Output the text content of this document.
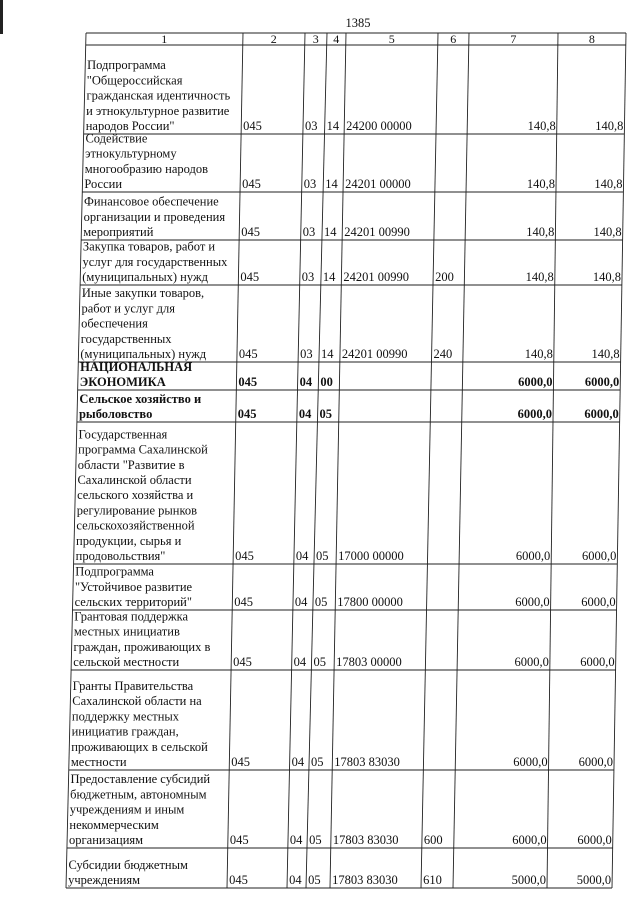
1385
1	2	3 4	5	6	7	8
Подпрограмма "Общероссийская гражданская идентичность и этнокультурное развитие народов России"	045	03 14 24200 00000	140,8	140,8
Содействие этнокультурному многообразию народов России	045	03 14 24201 00000	140,8	140,8
Финансовое обеспечение организации и проведения мероприятий	045	03 14 24201 00990	140,8	140,8
Закупка товаров, работ и услуг для государственных (муниципальных) нужд	045	03 14 24201 00990 200	140,8	140,8
Иные закупки товаров, работ и услуг для обеспечения государственных (муниципальных) нужд	045	03 14 24201 00990 240	140,8	140,8
НАЦИОНАЛЬНАЯ ЭКОНОМИКА	045	04 00	6000,0	6000,0
Сельское хозяйство и рыболовство	045	04 05	6000,0	6000,0
Государственная программа Сахалинской области "Развитие в Сахалинской области сельского хозяйства и регулирование рынков сельскохозяйственной продукции, сырья и продовольствия"	045	04 05 17000 00000	6000,0	6000,0
Подпрограмма "Устойчивое развитие сельских территорий"	045	04 05 17800 00000	6000,0	6000,0
Грантовая поддержка местных инициатив граждан, проживающих в сельской местности	045	04 05 17803 00000	6000,0	6000,0
Гранты Правительства Сахалинской области на поддержку местных инициатив граждан, проживающих в сельской местности	045	04 05 17803 83030	6000,0 6000,0
Предоставление субсидий бюджетным, автономным учреждениям и иным некоммерческим организациям	045	04 05 17803 83030 600	6000,0 6000,0
Субсидии бюджетным учреждениям	045	04 05 17803 83030 610	5000,0 5000,0
